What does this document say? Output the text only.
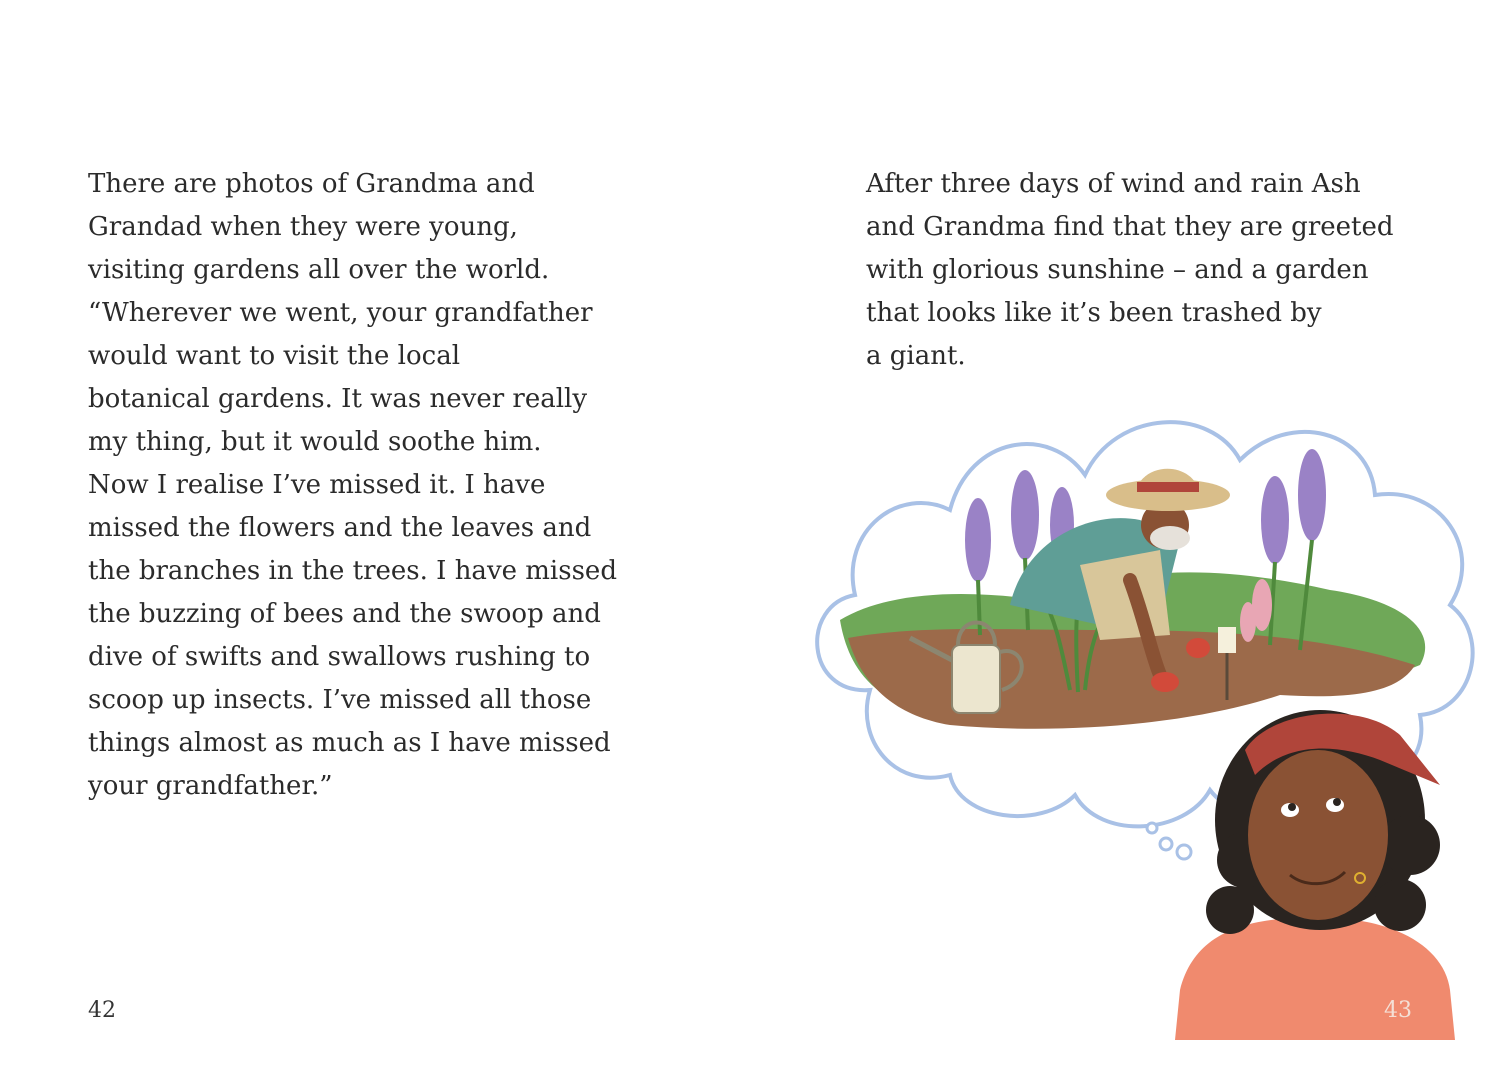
There are photos of Grandma and
Grandad when they were young,
visiting gardens all over the world.
“Wherever we went, your grandfather
would want to visit the local
botanical gardens. It was never really
my thing, but it would soothe him.
Now I realise I’ve missed it. I have
missed the flowers and the leaves and
the branches in the trees. I have missed
the buzzing of bees and the swoop and
dive of swifts and swallows rushing to
scoop up insects. I’ve missed all those
things almost as much as I have missed
your grandfather.”
42
After three days of wind and rain Ash
and Grandma find that they are greeted
with glorious sunshine – and a garden
that looks like it’s been trashed by
a giant.
43
